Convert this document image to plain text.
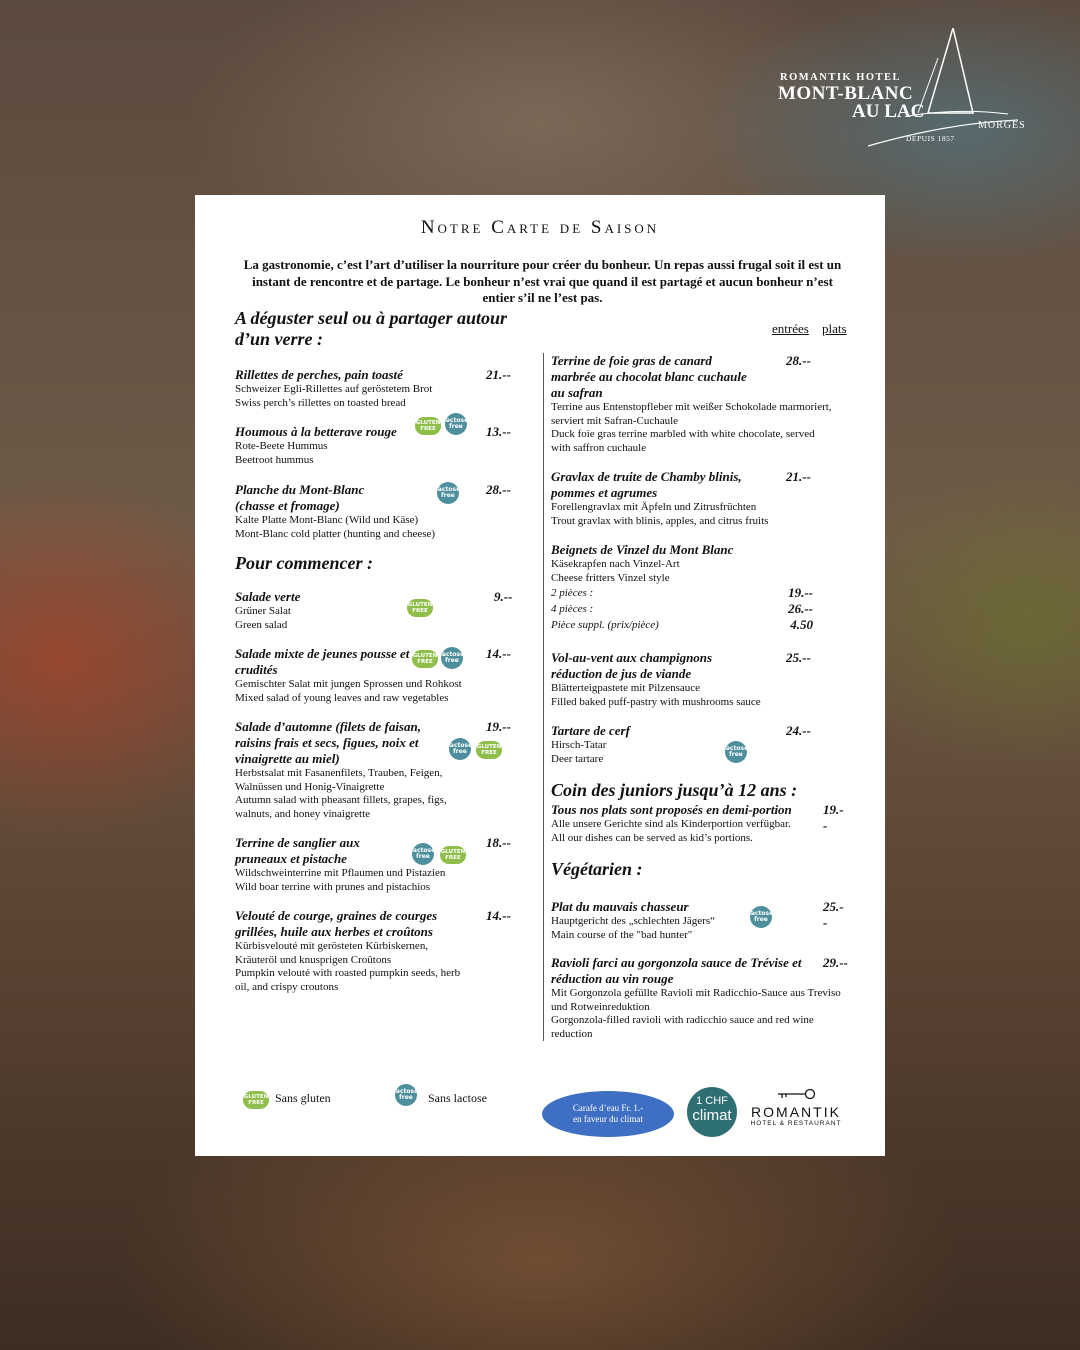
ROMANTIK HOTEL
MONT-BLANC
AU LAC
MORGES
DEPUIS 1857
Notre Carte de Saison
La gastronomie, c’est l’art d’utiliser la nourriture pour créer du bonheur. Un repas aussi frugal soit il est un instant de rencontre et de partage. Le bonheur n’est vrai que quand il est partagé et aucun bonheur n’est entier s’il ne l’est pas.
A déguster seul ou à partager autour d’un verre :
entrées plats
Rillettes de perches, pain toasté
Schweizer Egli-Rillettes auf geröstetem Brot
Swiss perch’s rillettes on toasted bread
21.--
Houmous à la betterave rouge
Rote-Beete Hummus
Beetroot hummus
13.--
Planche du Mont-Blanc (chasse et fromage)
Kalte Platte Mont-Blanc (Wild und Käse)
Mont-Blanc cold platter (hunting and cheese)
28.--
Pour commencer :
Salade verte
Grüner Salat
Green salad
9.--
Salade mixte de jeunes pousse et crudités
Gemischter Salat mit jungen Sprossen und Rohkost
Mixed salad of young leaves and raw vegetables
14.--
Salade d’automne (filets de faisan, raisins frais et secs, figues, noix et vinaigrette au miel)
Herbstsalat mit Fasanenfilets, Trauben, Feigen, Walnüssen und Honig-Vinaigrette
Autumn salad with pheasant fillets, grapes, figs, walnuts, and honey vinaigrette
19.--
Terrine de sanglier aux pruneaux et pistache
Wildschweinterrine mit Pflaumen und Pistazien
Wild boar terrine with prunes and pistachios
18.--
Velouté de courge, graines de courges grillées, huile aux herbes et croûtons
Kürbisvelouté mit gerösteten Kürbiskernen, Kräuteröl und knusprigen Croûtons
Pumpkin velouté with roasted pumpkin seeds, herb oil, and crispy croutons
14.--
GLUTEN FREE
lactose free
lactose free
GLUTEN FREE
GLUTEN FREE
lactose free
lactose free
GLUTEN FREE
lactose free
GLUTEN FREE
Terrine de foie gras de canard marbrée au chocolat blanc cuchaule au safran
Terrine aus Entenstopfleber mit weißer Schokolade marmoriert, serviert mit Safran-Cuchaule
Duck foie gras terrine marbled with white chocolate, served with saffron cuchaule
28.--
Gravlax de truite de Chamby blinis, pommes et agrumes
Forellengravlax mit Äpfeln und Zitrusfrüchten
Trout gravlax with blinis, apples, and citrus fruits
21.--
Beignets de Vinzel du Mont Blanc
Käsekrapfen nach Vinzel-Art
Cheese fritters Vinzel style
2 pièces :	19.--
4 pièces :	26.--
Pièce suppl. (prix/pièce)	4.50
Vol-au-vent aux champignons réduction de jus de viande
Blätterteigpastete mit Pilzensauce
Filled baked puff-pastry with mushrooms sauce
25.--
Tartare de cerf
Hirsch-Tatar
Deer tartare
24.--
lactose free
Coin des juniors jusqu’à 12 ans :
Tous nos plats sont proposés en demi-portion
Alle unsere Gerichte sind als Kinderportion verfügbar.
All our dishes can be served as kid’s portions.
19.--
Végétarien :
Plat du mauvais chasseur
Hauptgericht des „schlechten Jägers“
Main course of the "bad hunter"
25.--
lactose free
Ravioli farci au gorgonzola sauce de Trévise et réduction au vin rouge
Mit Gorgonzola gefüllte Ravioli mit Radicchio-Sauce aus Treviso und Rotweinreduktion
Gorgonzola-filled ravioli with radicchio sauce and red wine reduction
29.--
GLUTEN FREE Sans gluten	lactose free	Sans lactose
Carafe d’eau Fr. 1.-
en faveur du climat
1 CHF
climat	ROMANTIK
HOTEL & RESTAURANT
